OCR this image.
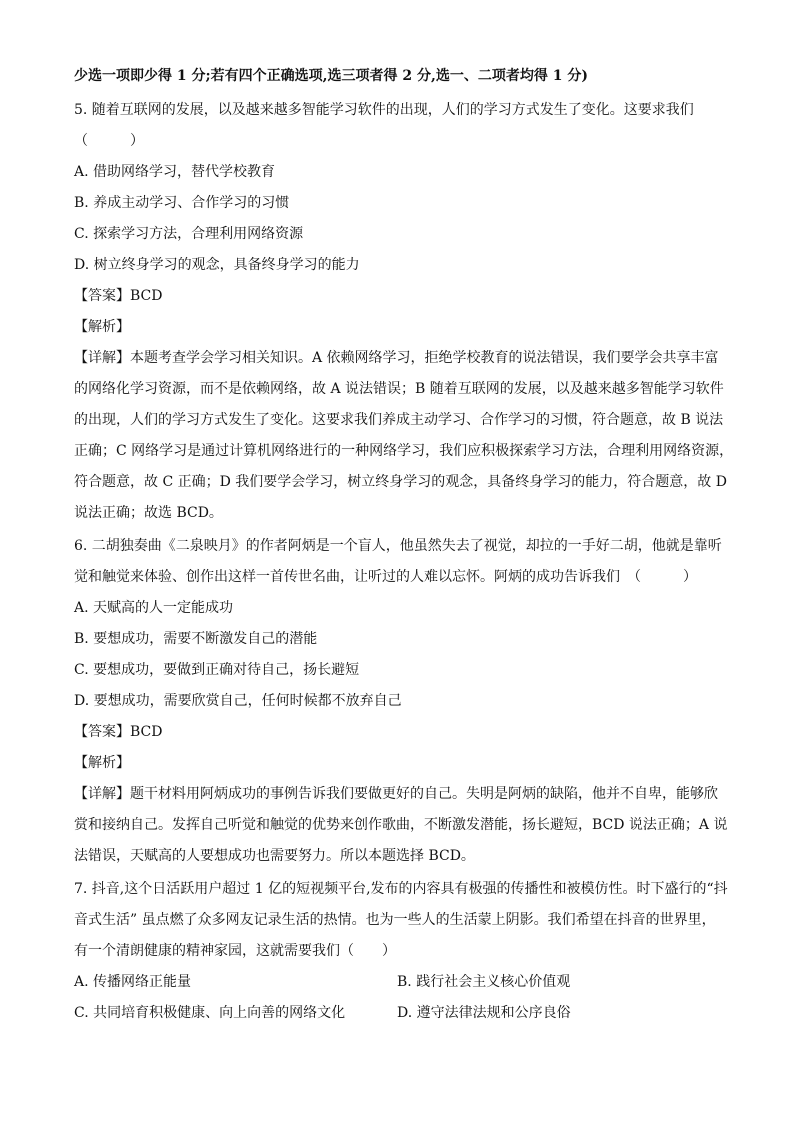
少选一项即少得 1 分;若有四个正确选项,选三项者得 2 分,选一、二项者均得 1 分)
5. 随着互联网的发展，以及越来越多智能学习软件的出现，人们的学习方式发生了变化。这要求我们
（　　　）
A. 借助网络学习，替代学校教育
B. 养成主动学习、合作学习的习惯
C. 探索学习方法，合理利用网络资源
D. 树立终身学习的观念，具备终身学习的能力
【答案】BCD
【解析】
【详解】本题考查学会学习相关知识。A 依赖网络学习，拒绝学校教育的说法错误，我们要学会共享丰富
的网络化学习资源，而不是依赖网络，故 A 说法错误；B 随着互联网的发展，以及越来越多智能学习软件
的出现，人们的学习方式发生了变化。这要求我们养成主动学习、合作学习的习惯，符合题意，故 B 说法
正确；C 网络学习是通过计算机网络进行的一种网络学习，我们应积极探索学习方法，合理利用网络资源，
符合题意，故 C 正确；D 我们要学会学习，树立终身学习的观念，具备终身学习的能力，符合题意，故 D
说法正确；故选 BCD。
6. 二胡独奏曲《二泉映月》的作者阿炳是一个盲人，他虽然失去了视觉，却拉的一手好二胡，他就是靠听
觉和触觉来体验、创作出这样一首传世名曲，让听过的人难以忘怀。阿炳的成功告诉我们　（　　　）
A. 天赋高的人一定能成功
B. 要想成功，需要不断激发自己的潜能
C. 要想成功，要做到正确对待自己，扬长避短
D. 要想成功，需要欣赏自己，任何时候都不放弃自己
【答案】BCD
【解析】
【详解】题干材料用阿炳成功的事例告诉我们要做更好的自己。失明是阿炳的缺陷，他并不自卑，能够欣
赏和接纳自己。发挥自己听觉和触觉的优势来创作歌曲，不断激发潜能，扬长避短，BCD 说法正确；A 说
法错误，天赋高的人要想成功也需要努力。所以本题选择 BCD。
7. 抖音,这个日活跃用户超过 1 亿的短视频平台,发布的内容具有极强的传播性和被模仿性。时下盛行的“抖
音式生活” 虽点燃了众多网友记录生活的热情。也为一些人的生活蒙上阴影。我们希望在抖音的世界里，
有一个清朗健康的精神家园，这就需要我们（　　）
A. 传播网络正能量	B. 践行社会主义核心价值观
C. 共同培育积极健康、向上向善的网络文化	D. 遵守法律法规和公序良俗
